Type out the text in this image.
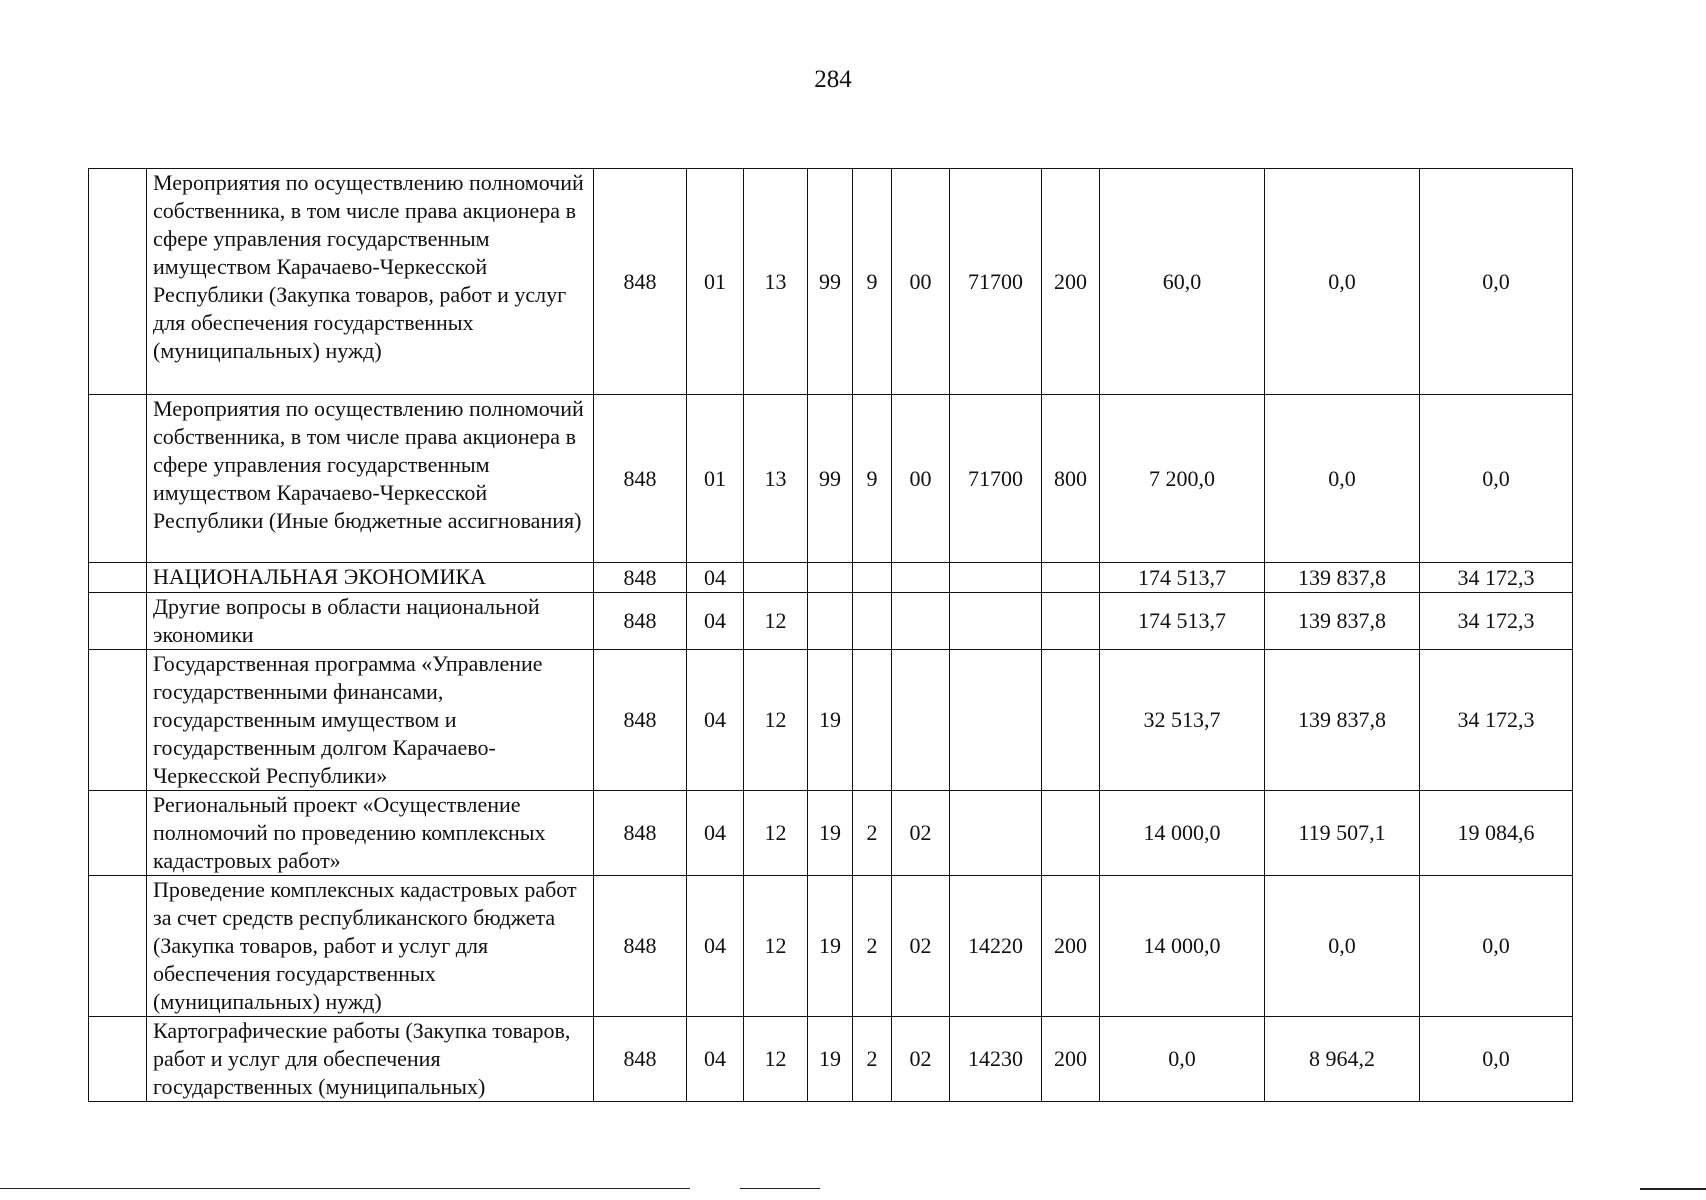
284
	Мероприятия по осуществлению полномочий собственника, в том числе права акционера в сфере управления государственным имуществом Карачаево-Черкесской Республики (Закупка товаров, работ и услуг для обеспечения государственных (муниципальных) нужд)	848	01	13	99	9	00	71700	200	60,0	0,0	0,0
	Мероприятия по осуществлению полномочий собственника, в том числе права акционера в сфере управления государственным имуществом Карачаево-Черкесской Республики (Иные бюджетные ассигнования)	848	01	13	99	9	00	71700	800	7 200,0	0,0	0,0
	НАЦИОНАЛЬНАЯ ЭКОНОМИКА	848	04							174 513,7	139 837,8	34 172,3
	Другие вопросы в области национальной экономики	848	04	12						174 513,7	139 837,8	34 172,3
	Государственная программа «Управление государственными финансами, государственным имуществом и государственным долгом Карачаево-Черкесской Республики»	848	04	12	19					32 513,7	139 837,8	34 172,3
	Региональный проект «Осуществление полномочий по проведению комплексных кадастровых работ»	848	04	12	19	2	02			14 000,0	119 507,1	19 084,6
	Проведение комплексных кадастровых работ за счет средств республиканского бюджета (Закупка товаров, работ и услуг для обеспечения государственных (муниципальных) нужд)	848	04	12	19	2	02	14220	200	14 000,0	0,0	0,0
	Картографические работы (Закупка товаров, работ и услуг для обеспечения государственных (муниципальных)	848	04	12	19	2	02	14230	200	0,0	8 964,2	0,0
